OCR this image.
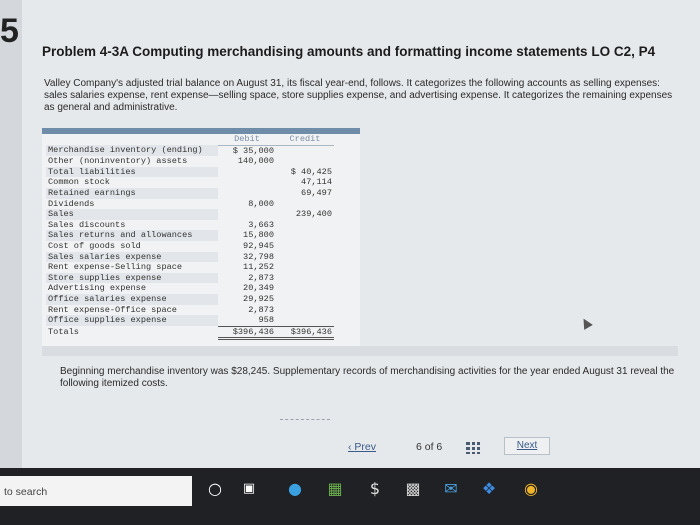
5
Problem 4-3A Computing merchandising amounts and formatting income statements LO C2, P4
Valley Company's adjusted trial balance on August 31, its fiscal year-end, follows. It categorizes the following accounts as selling expenses: sales salaries expense, rent expense—selling space, store supplies expense, and advertising expense. It categorizes the remaining expenses as general and administrative.
	Debit	Credit
Merchandise inventory (ending)	$ 35,000	
Other (noninventory) assets	140,000	
Total liabilities		$ 40,425
Common stock		47,114
Retained earnings		69,497
Dividends	8,000	
Sales		239,400
Sales discounts	3,663	
Sales returns and allowances	15,800	
Cost of goods sold	92,945	
Sales salaries expense	32,798	
Rent expense-Selling space	11,252	
Store supplies expense	2,873	
Advertising expense	20,349	
Office salaries expense	29,925	
Rent expense-Office space	2,873	
Office supplies expense	958	
Totals	$396,436	$396,436
Beginning merchandise inventory was $28,245. Supplementary records of merchandising activities for the year ended August 31 reveal the following itemized costs.
‹ Prev	6 of 6	Next
to search	○	▣	● ▦	$	▩ ✉ ❖ ◉
